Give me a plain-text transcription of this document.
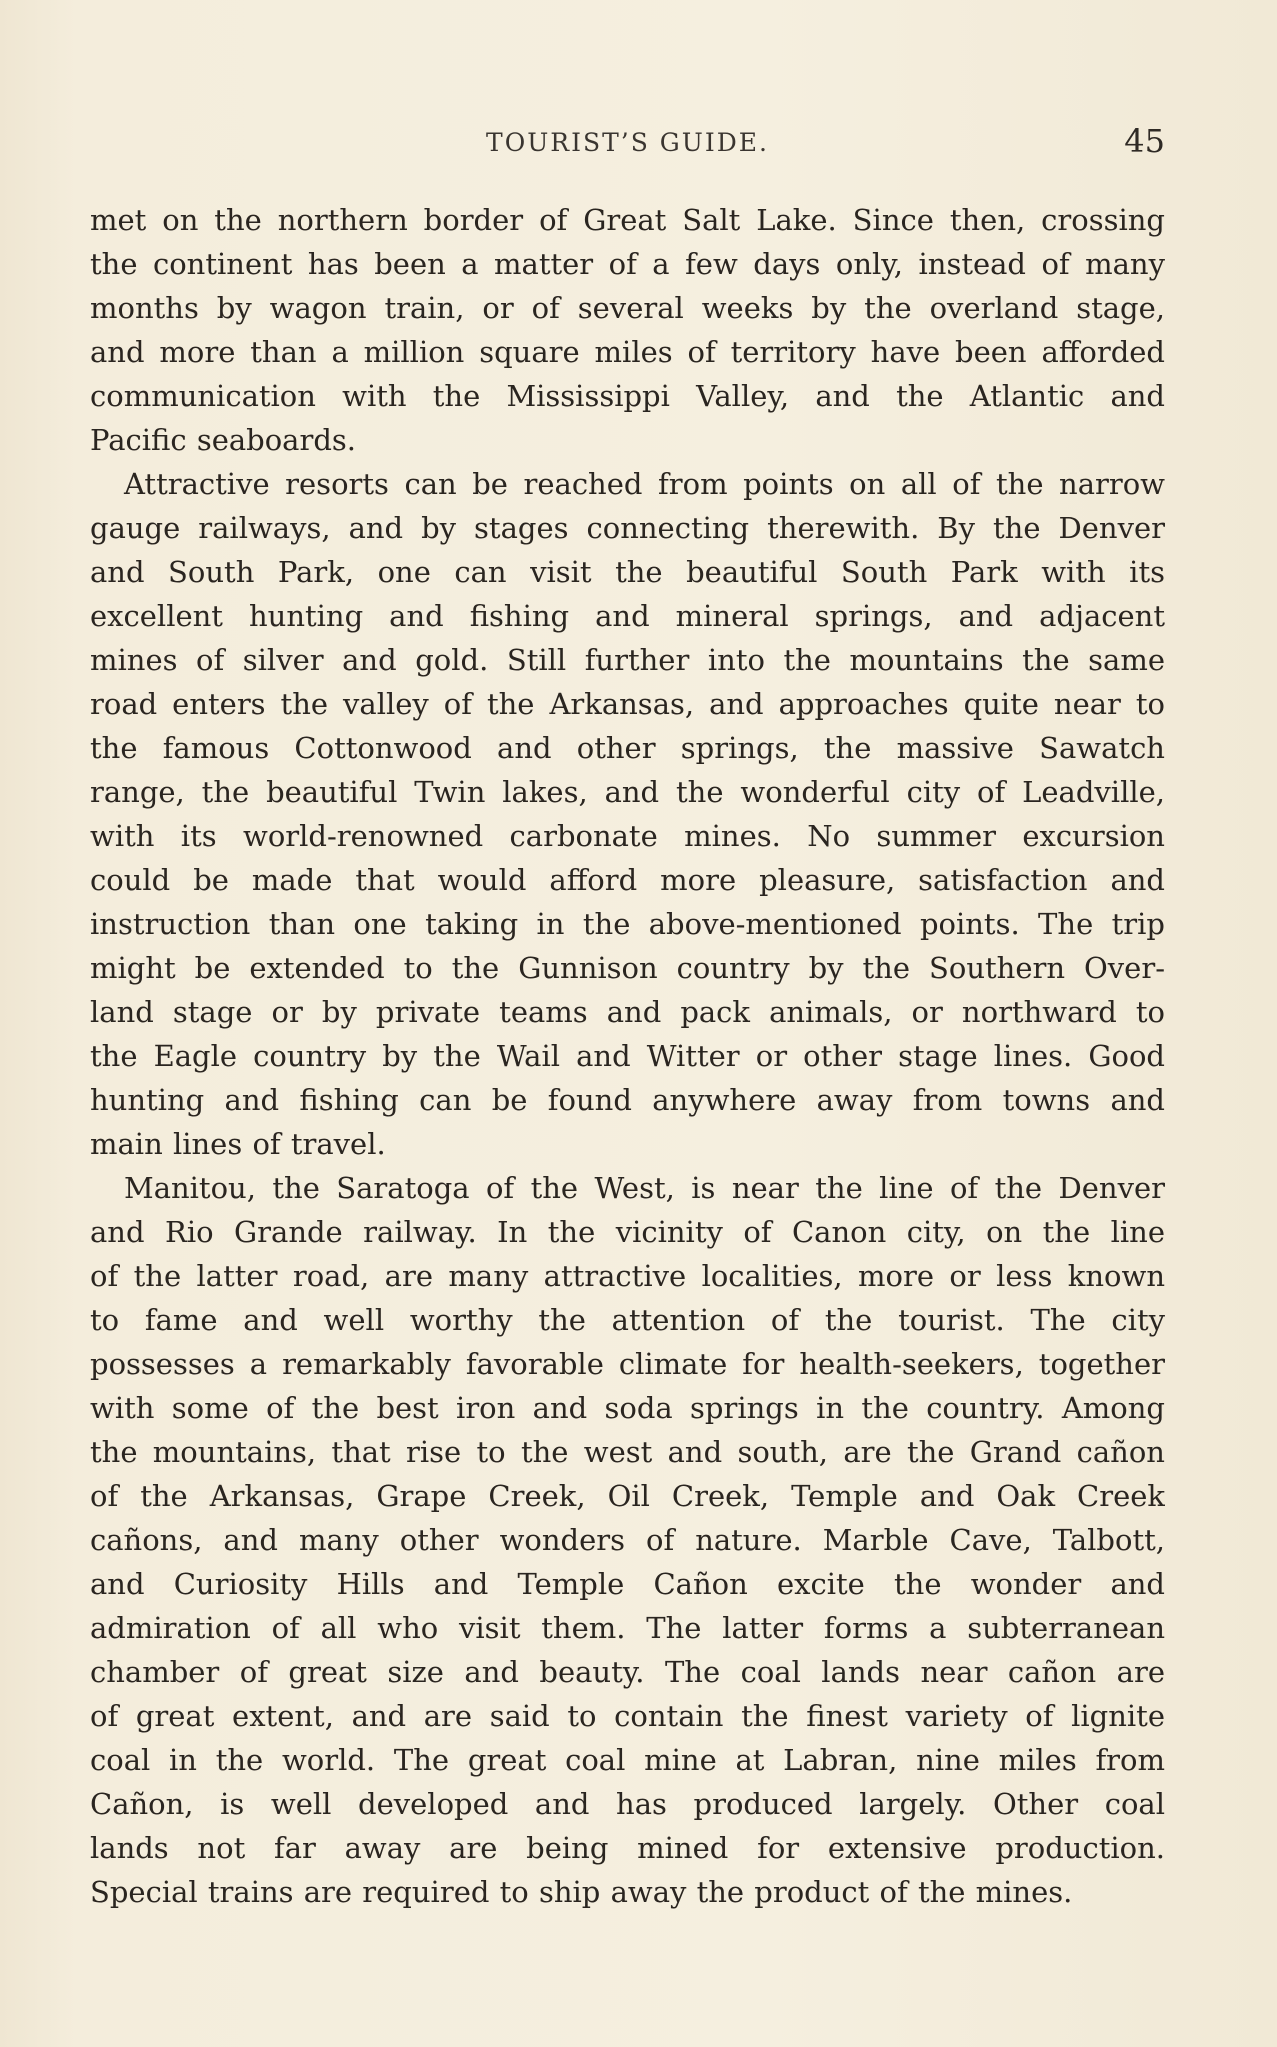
TOURIST’S GUIDE.	45

met on the northern border of Great Salt Lake. Since then, crossing
the continent has been a matter of a few days only, instead of many
months by wagon train, or of several weeks by the overland stage,
and more than a million square miles of territory have been afforded
communication with the Mississippi Valley, and the Atlantic and
Pacific seaboards.

Attractive resorts can be reached from points on all of the narrow
gauge railways, and by stages connecting therewith. By the Denver
and South Park, one can visit the beautiful South Park with its
excellent hunting and fishing and mineral springs, and adjacent
mines of silver and gold. Still further into the mountains the same
road enters the valley of the Arkansas, and approaches quite near to
the famous Cottonwood and other springs, the massive Sawatch
range, the beautiful Twin lakes, and the wonderful city of Leadville,
with its world-renowned carbonate mines. No summer excursion
could be made that would afford more pleasure, satisfaction and
instruction than one taking in the above-mentioned points. The trip
might be extended to the Gunnison country by the Southern Over-
land stage or by private teams and pack animals, or northward to
the Eagle country by the Wail and Witter or other stage lines. Good
hunting and fishing can be found anywhere away from towns and
main lines of travel.

Manitou, the Saratoga of the West, is near the line of the Denver
and Rio Grande railway. In the vicinity of Canon city, on the line
of the latter road, are many attractive localities, more or less known
to fame and well worthy the attention of the tourist. The city
possesses a remarkably favorable climate for health-seekers, together
with some of the best iron and soda springs in the country. Among
the mountains, that rise to the west and south, are the Grand cañon
of the Arkansas, Grape Creek, Oil Creek, Temple and Oak Creek
cañons, and many other wonders of nature. Marble Cave, Talbott,
and Curiosity Hills and Temple Cañon excite the wonder and
admiration of all who visit them. The latter forms a subterranean
chamber of great size and beauty. The coal lands near cañon are
of great extent, and are said to contain the finest variety of lignite
coal in the world. The great coal mine at Labran, nine miles from
Cañon, is well developed and has produced largely. Other coal
lands not far away are being mined for extensive production.
Special trains are required to ship away the product of the mines.
